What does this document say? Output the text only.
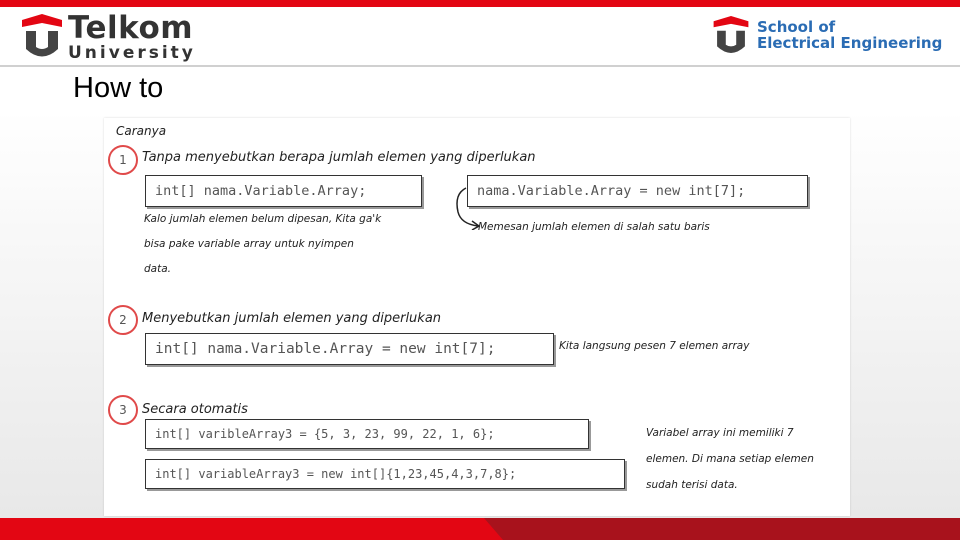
Telkom
University
School of
Electrical Engineering
How to
Caranya
1	Tanpa menyebutkan berapa jumlah elemen yang diperlukan
int[] nama.Variable.Array;	nama.Variable.Array = new int[7];
Kalo jumlah elemen belum dipesan, Kita ga'k
bisa pake variable array untuk nyimpen
data.
Memesan jumlah elemen di salah satu baris
2	Menyebutkan jumlah elemen yang diperlukan
int[] nama.Variable.Array = new int[7];	Kita langsung pesen 7 elemen array
3	Secara otomatis
int[] varibleArray3 = {5, 3, 23, 99, 22, 1, 6};
int[] variableArray3 = new int[]{1,23,45,4,3,7,8};
Variabel array ini memiliki 7
elemen. Di mana setiap elemen
sudah terisi data.
